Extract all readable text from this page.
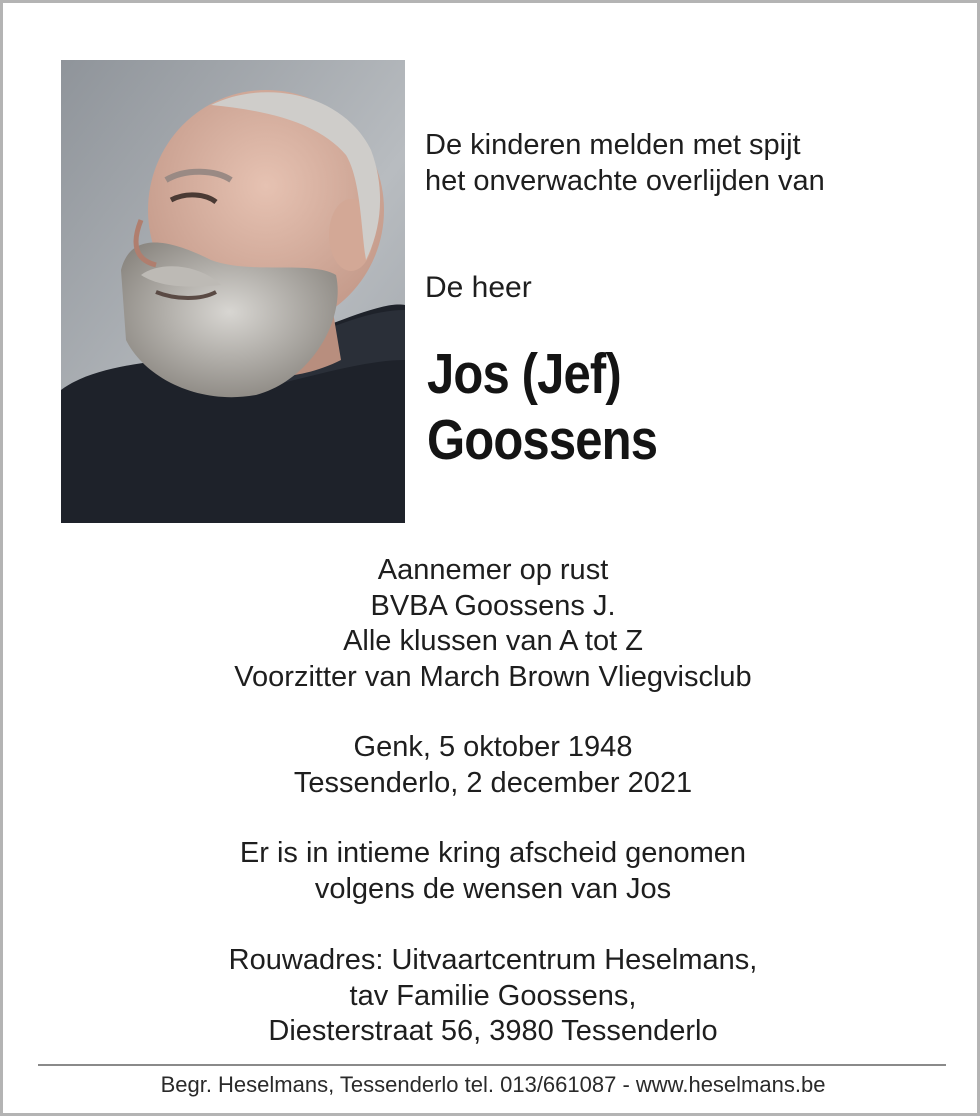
De kinderen melden met spijt
het onverwachte overlijden van
De heer
Jos (Jef)
Goossens
Aannemer op rust
BVBA Goossens J.
Alle klussen van A tot Z
Voorzitter van March Brown Vliegvisclub
Genk, 5 oktober 1948
Tessenderlo, 2 december 2021
Er is in intieme kring afscheid genomen
volgens de wensen van Jos
Rouwadres: Uitvaartcentrum Heselmans,
tav Familie Goossens,
Diesterstraat 56, 3980 Tessenderlo
Begr. Heselmans, Tessenderlo tel. 013/661087 - www.heselmans.be
